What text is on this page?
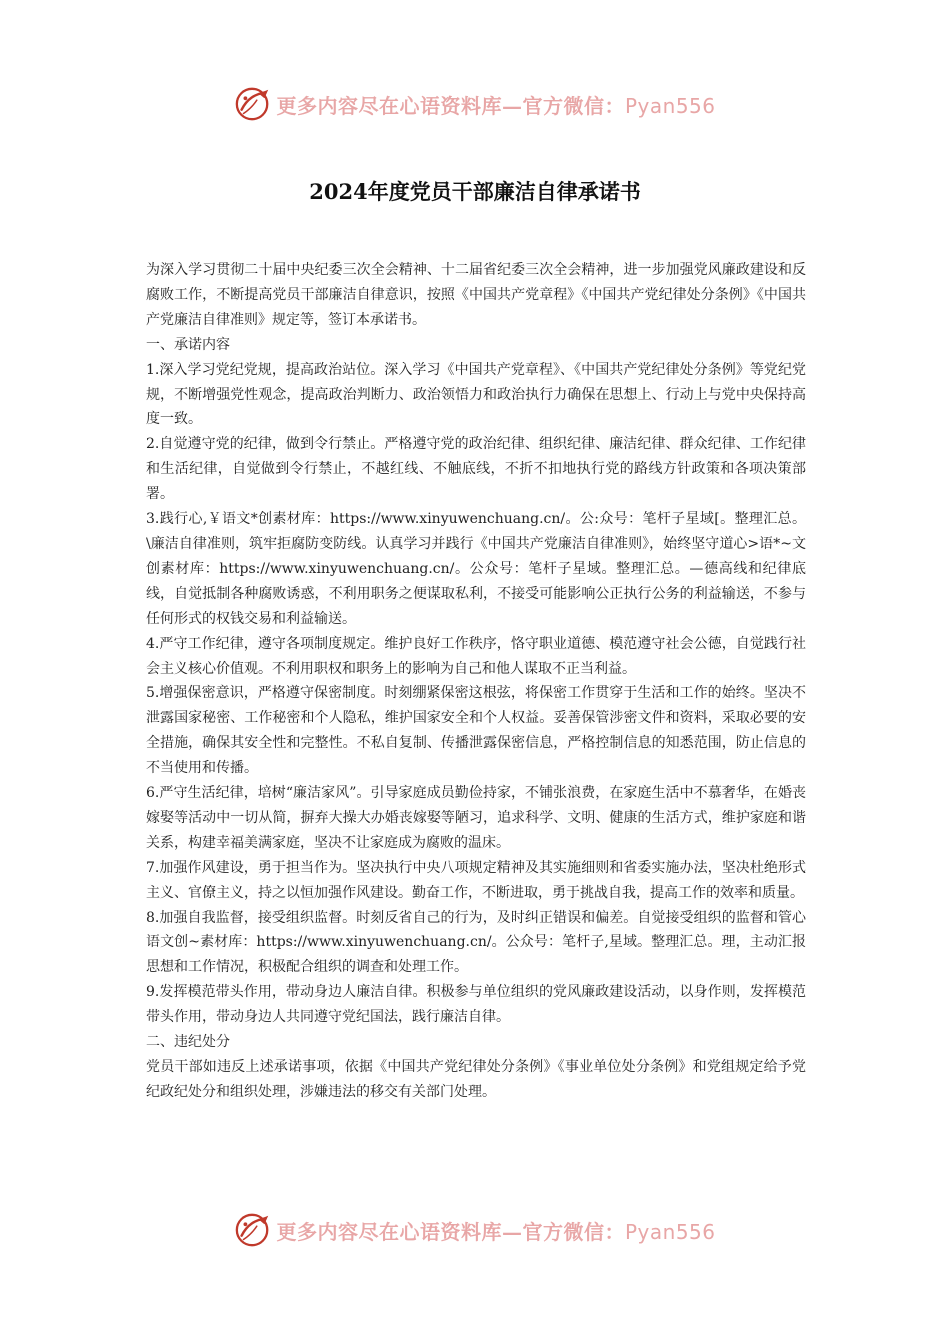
更多内容尽在心语资料库—官方微信：Pyan556
2024年度党员干部廉洁自律承诺书

为深入学习贯彻二十届中央纪委三次全会精神、十二届省纪委三次全会精神，进一步加强党风廉政建设和反腐败工作，不断提高党员干部廉洁自律意识，按照《中国共产党章程》《中国共产党纪律处分条例》《中国共产党廉洁自律准则》规定等，签订本承诺书。

一、承诺内容

1.深入学习党纪党规，提高政治站位。深入学习《中国共产党章程》、《中国共产党纪律处分条例》等党纪党规，不断增强党性观念，提高政治判断力、政治领悟力和政治执行力确保在思想上、行动上与党中央保持高度一致。

2.自觉遵守党的纪律，做到令行禁止。严格遵守党的政治纪律、组织纪律、廉洁纪律、群众纪律、工作纪律和生活纪律，自觉做到令行禁止，不越红线、不触底线，不折不扣地执行党的路线方针政策和各项决策部署。

3.践行心,￥语文*创素材库：https://www.xinyuwenchuang.cn/。公:众号：笔杆子星域[。整理汇总。\廉洁自律准则，筑牢拒腐防变防线。认真学习并践行《中国共产党廉洁自律准则》，始终坚守道心>语*~文创素材库：https://www.xinyuwenchuang.cn/。公众号：笔杆子星域。整理汇总。—德高线和纪律底线，自觉抵制各种腐败诱惑，不利用职务之便谋取私利，不接受可能影响公正执行公务的利益输送，不参与任何形式的权钱交易和利益输送。

4.严守工作纪律，遵守各项制度规定。维护良好工作秩序，恪守职业道德、模范遵守社会公德，自觉践行社会主义核心价值观。不利用职权和职务上的影响为自己和他人谋取不正当利益。

5.增强保密意识，严格遵守保密制度。时刻绷紧保密这根弦，将保密工作贯穿于生活和工作的始终。坚决不泄露国家秘密、工作秘密和个人隐私，维护国家安全和个人权益。妥善保管涉密文件和资料，采取必要的安全措施，确保其安全性和完整性。不私自复制、传播泄露保密信息，严格控制信息的知悉范围，防止信息的不当使用和传播。

6.严守生活纪律，培树“廉洁家风”。引导家庭成员勤俭持家，不铺张浪费，在家庭生活中不慕奢华，在婚丧嫁娶等活动中一切从简，摒弃大操大办婚丧嫁娶等陋习，追求科学、文明、健康的生活方式，维护家庭和谐关系，构建幸福美满家庭，坚决不让家庭成为腐败的温床。

7.加强作风建设，勇于担当作为。坚决执行中央八项规定精神及其实施细则和省委实施办法，坚决杜绝形式主义、官僚主义，持之以恒加强作风建设。勤奋工作，不断进取，勇于挑战自我，提高工作的效率和质量。

8.加强自我监督，接受组织监督。时刻反省自己的行为，及时纠正错误和偏差。自觉接受组织的监督和管心语文创~素材库：https://www.xinyuwenchuang.cn/。公众号：笔杆子,星域。整理汇总。理，主动汇报思想和工作情况，积极配合组织的调查和处理工作。

9.发挥模范带头作用，带动身边人廉洁自律。积极参与单位组织的党风廉政建设活动，以身作则，发挥模范带头作用，带动身边人共同遵守党纪国法，践行廉洁自律。

二、违纪处分

党员干部如违反上述承诺事项，依据《中国共产党纪律处分条例》《事业单位处分条例》和党组规定给予党纪政纪处分和组织处理，涉嫌违法的移交有关部门处理。

更多内容尽在心语资料库—官方微信：Pyan556
